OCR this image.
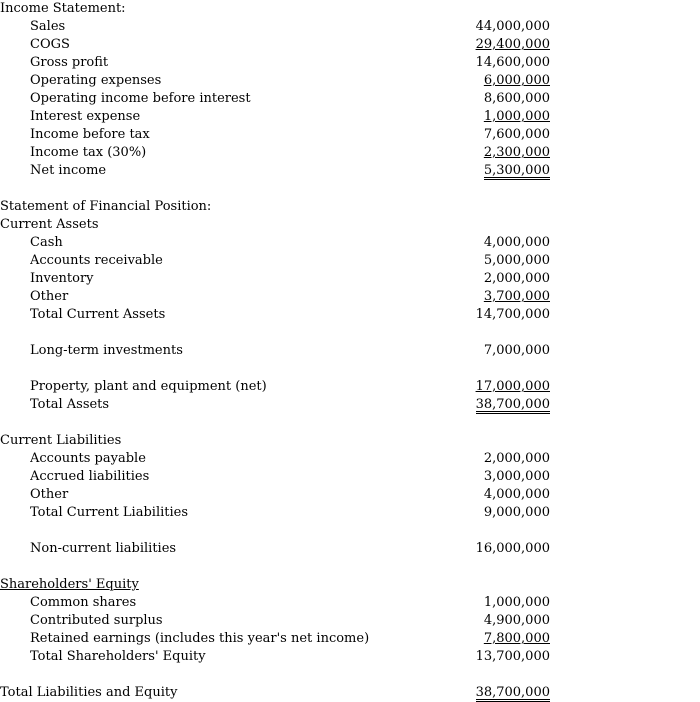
Income Statement:
Sales	44,000,000
COGS	29,400,000
Gross profit	14,600,000
Operating expenses	6,000,000
Operating income before interest	8,600,000
Interest expense	1,000,000
Income before tax	7,600,000
Income tax (30%)	2,300,000
Net income	5,300,000
Statement of Financial Position:
Current Assets
Cash	4,000,000
Accounts receivable	5,000,000
Inventory	2,000,000
Other	3,700,000
Total Current Assets	14,700,000
Long-term investments	7,000,000
Property, plant and equipment (net)	17,000,000
Total Assets	38,700,000
Current Liabilities
Accounts payable	2,000,000
Accrued liabilities	3,000,000
Other	4,000,000
Total Current Liabilities	9,000,000
Non-current liabilities	16,000,000
Shareholders' Equity
Common shares	1,000,000
Contributed surplus	4,900,000
Retained earnings (includes this year's net income)	7,800,000
Total Shareholders' Equity	13,700,000
Total Liabilities and Equity	38,700,000
